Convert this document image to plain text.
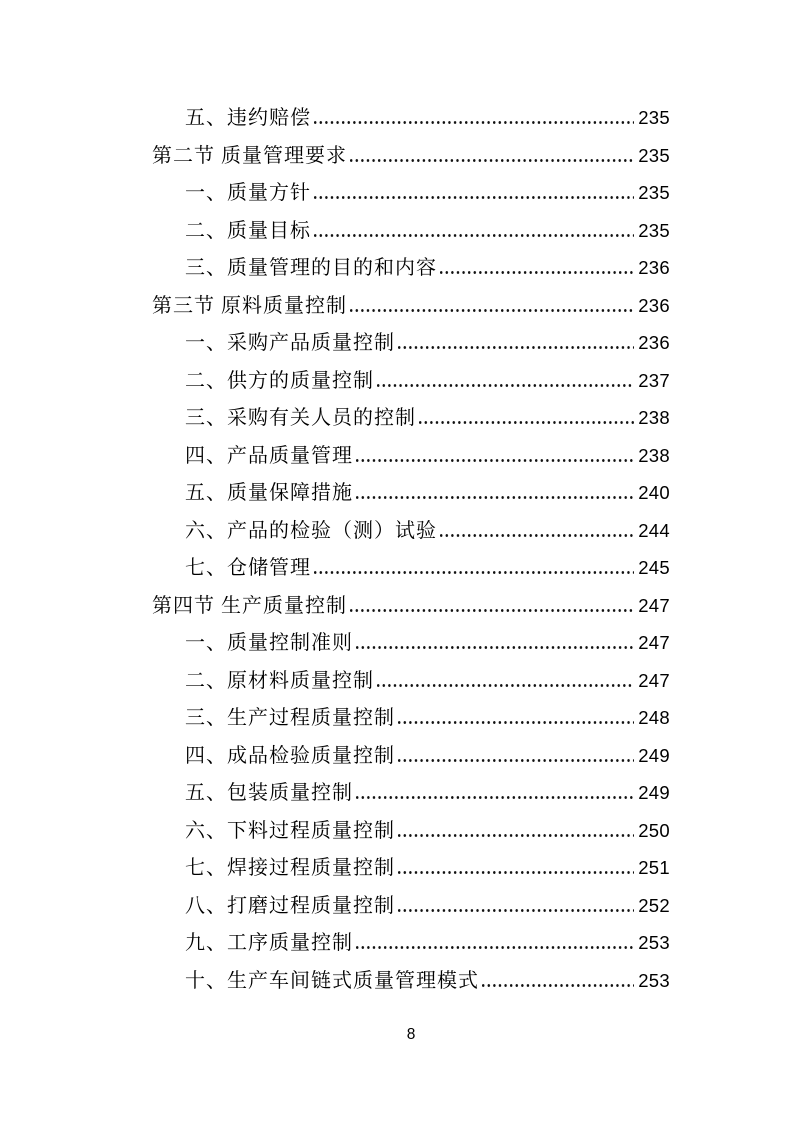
五、违约赔偿	235
第二节 质量管理要求	235
一、质量方针	235
二、质量目标	235
三、质量管理的目的和内容	236
第三节 原料质量控制	236
一、采购产品质量控制	236
二、供方的质量控制	237
三、采购有关人员的控制	238
四、产品质量管理	238
五、质量保障措施	240
六、产品的检验（测）试验	244
七、仓储管理	245
第四节 生产质量控制	247
一、质量控制准则	247
二、原材料质量控制	247
三、生产过程质量控制	248
四、成品检验质量控制	249
五、包装质量控制	249
六、下料过程质量控制	250
七、焊接过程质量控制	251
八、打磨过程质量控制	252
九、工序质量控制	253
十、生产车间链式质量管理模式	253
8
